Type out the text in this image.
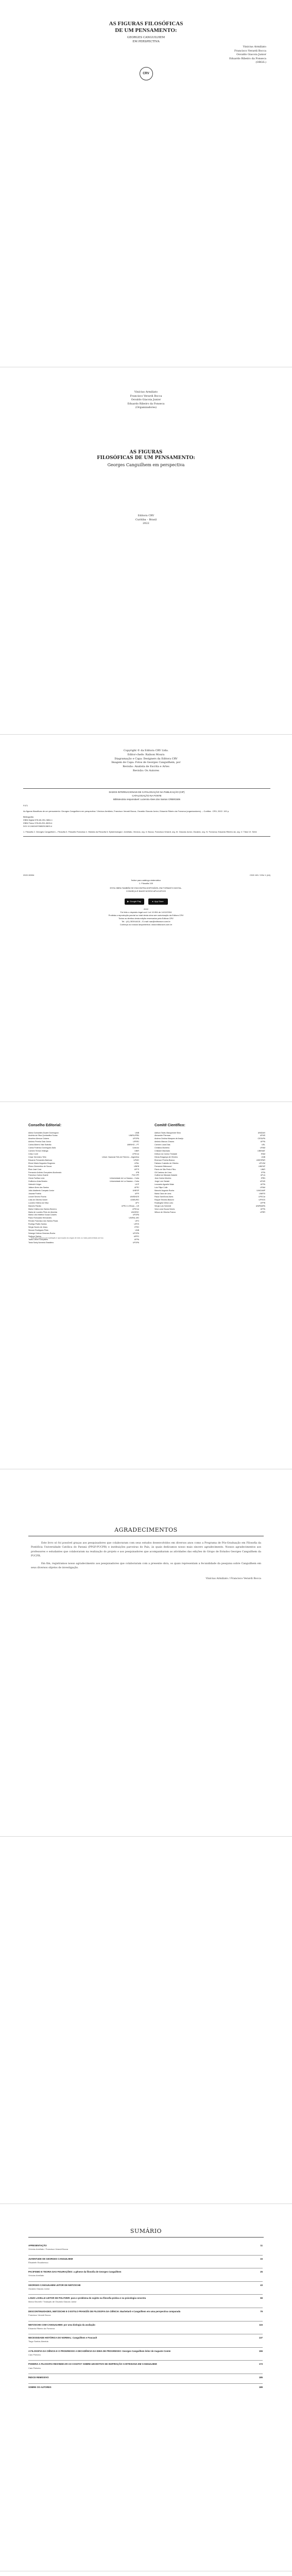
AS FIGURAS FILOSÓFICAS
DE UM PENSAMENTO:
GEORGES CANGUILHEM
EM PERSPECTIVA
Vinícius Armiliato
Francisco Verardi Bocca
Osvaldo Giacoia Junior
Eduardo Ribeiro da Fonseca
(ORGS.)
CRV
Vinícius Armiliato
Francisco Verardi Bocca
Osvaldo Giacoia Junior
Eduardo Ribeiro da Fonseca
(Organizadores)
AS FIGURAS
FILOSÓFICAS DE UM PENSAMENTO:
Georges Canguilhem em perspectiva
Editora CRV
Curitiba – Brasil
2022
Copyright © da Editora CRV Ltda.
Editor-chefe: Railson Moura
Diagramação e Capa: Designers da Editora CRV
Imagem de Capa: Fotos de Georges Canguilhem, por
Revisão: Analista de Escrita e Artes
Revisão: Os Autores
DADOS INTERNACIONAIS DE CATALOGAÇÃO NA PUBLICAÇÃO (CIP)
CATALOGAÇÃO NA FONTE
Bibliotecária responsável: Luzenira Alves dos Santos CRB9/1506

F471

As figuras filosóficas de um pensamento: Georges Canguilhem em perspectiva / Vinícius Armiliato, Francisco Verardi Bocca, Osvaldo Giacoia Junior, Eduardo Ribeiro da Fonseca (organizadores). – Curitiba : CRV, 2022. 192 p.

Bibliografia
ISBN Digital 978-65-251-3804-1
ISBN Físico 978-65-251-3803-4
DOI 10.24824/978652513803.4

1. Filosofia 2. Georges Canguilhem – Filosofia 3. Filosofia Francesa 4. História da Filosofia 5. Epistemologia I. Armiliato, Vinícius, org. II. Bocca, Francisco Verardi, org. III. Giacoia Junior, Osvaldo, org. IV. Fonseca, Eduardo Ribeiro da, org. V. Título VI. Série

2022-30934	CDD 100 / CDU 1 (44)
Índice para catálogo sistemático
1. Filosofia 100
ESTA OBRA TAMBÉM SE ENCONTRA DISPONÍVEL EM FORMATO DIGITAL.
CONHEÇA E BAIXE NOSSO APLICATIVO!
▶ Google Play	● App Store
2022
Foi feito o depósito legal conf. Lei 10.994 de 14/12/2004
Proibida a reprodução parcial ou total desta obra sem autorização da Editora CRV
Todos os direitos desta edição reservados pela Editora CRV
Tel.: (41) 3039-6418 – E-mail: sac@editoracrv.com.br
Conheça os nossos lançamentos: www.editoracrv.com.br
Conselho Editorial:
Aldira Guimarães Duarte Domínguez	UNB
Andréia da Silva Quintanilha Sousa	UNIR/UFRN
Anselmo Alencar Colares	UFOPA
Antônio Pereira Gaio Júnior	UFRRJ
Carlos Alberto Vilar Estêvão	UMINHO – PT
Carlos Federico Dominguez Avila	Unieuro
Carmen Tereza Velanga	UNIR
Celso Conti	UFSCar
Cesar Gerónimo Tello	Univer. Nacional Três de Febrero – Argentina
Eduardo Fernandes Barbosa	UFMG
Elione Maria Nogueira Diogenes	UFAL
Elizeu Clementino de Souza	UNEB
Élsio José Corá	UFFS
Fernando Antônio Gonçalves Alcoforado	IPB
Francisco Carlos Duarte	PUC-PR
Gloria Fariñas León	Universidade de La Havana – Cuba
Guillermo Arias Beatón	Universidade de La Havana – Cuba
Helmuth Krüger	UCP
Jailson Alves dos Santos	UFRJ
João Adalberto Campato Junior	UNESP
Josania Portela	UFPI
Leonel Severo Rocha	UNISINOS
Lídia de Oliveira Xavier	UNIEURO
Lourdes Helena da Silva	UFV
Marcelo Paixão	UFRJ e UTexas – US
Maria Cristina dos Santos Bezerra	UFSCar
Maria de Lourdes Pinto de Almeida	UNOESC
Maria Lília Imbiriba Sousa Colares	UFOPA
Paulo Romualdo Hernandes	UNIFAL-MG
Renato Francisco dos Santos Paula	UFG
Rodrigo Pratte-Santos	UFES
Sérgio Nunes de Jesus	IFRO
Simone Rodrigues Pinto	UNB
Solange Helena Ximenes-Rocha	UFOPA
Sydione Santos	UEPG
Tadeu Oliver Gonçalves	UFPA
Tania Suely Azevedo Brasileiro	UFOPA
Comitê Científico:
Adilson Tadeu Basquerote Silva	UNIDAVI
Alexandre Pierezan	UFMS
Andrea Cristina Marques de Araújo	CESUPA
Antônio Marcos Chaves	UFPA
Carmen Lúcia Dias	UEL
Christina Monteiro	UFAM
Cristiane Machado	UNEMAT
Deilson do Carmo Trindade	IFAM
Dimas Bragança de Oliveira	UNB
Émerson Pereira Branco	UNESPAR
Fabiano Custódio de Oliveira	UFVJM
Fernando Bittencourt	UNIFAP
Flávio de São Pedro Filho	UNIR
Gil Cardoso de Lima	IFPA
Guilherme Miranda Galante	UFLA
Jean Carlos Moreira	IFRN
Jorge Luiz Zaluski	UFMS
Leonardo Agostini Maia	UFPA
Luiz Filipe Colle	UFAM
Marcelo Augusto Rocha	UNICAMP
Maria Clara de Lima	UNIFEI
Paula Sant'Anna Alves	UFSCar
Raquel Teixeira Bianchi	UFRGS
Rosângela Vieira Lobo	UFPB
Sérgio Luis Schmidt	UNIPAMPA
Vera Lúcia Souza Neves	UFPA
Wilson de Oliveira Franco	UFRR
Este livro passou por avaliação e aprovação às cegas de dois ou mais pareceristas ad hoc.
AGRADECIMENTOS

Este livro só foi possível graças aos pesquisadores que colaboraram com seus estudos desenvolvidos em diversos anos como a Programa de Pós-Graduação em Filosofia da Pontifícia Universidade Católica do Paraná (PPGF-PUCPR) e instituições parceiras do País, às quais dedicamos nosso mais sincero agradecimento. Nossos agradecimentos aos professores e estudantes que colaboraram na realização do projeto e aos pesquisadores que acompanharam as atividades das edições do Grupo de Estudos Georges Canguilhem da PUCPR.

Em fim, registramos nosso agradecimento aos pesquisadores que colaboraram com a presente obra, os quais representam a fecundidade da pesquisa sobre Canguilhem em seus diversos objetos de investigação.

Vinícius Armiliato / Francisco Verardi Bocca

SUMÁRIO
APRESENTAÇÃO	11
Vinícius Armiliato / Francisco Verardi Bocca
JUVENTUDE DE GEORGES CANGUILHEM	15
Élisabeth Roudinesco
PACIFISMO E TEORIA DAS FIGURAÇÕES: a gênese da filosofia de Georges Canguilhem	25
Vinícius Armiliato
GEORGES CANGUILHEM LEITOR DE NIETZSCHE	43
Osvaldo Giacoia Junior
LOUIS LAVELLE LEITOR DE POLITZER: para o problema do sujeito na filosofia prática e na psicologia concreta	59
Marco Brunelli / Tradução de Osvaldo Giacoia Junior
DESCONTINUIDADES, NIETZSCHE E O ESTILO FRANCÊS DE FILOSOFIA DA CIÊNCIA: Bachelard e Canguilhem em uma perspectiva comparada	79
Francisco Verardi Bocca
NIETZSCHE COM CANGUILHEM: por uma biologia da avaliação	115
Eduardo Ribeiro da Fonseca
NECESSIDADE HISTÓRICA DO NORMAL: Canguilhem e Foucault	137
Tiago Santos Almeida
A FILOSOFIA DA CIÊNCIA E O PROGRESSO A DECADÊNCIA DA IDEIA DE PROGRESSO: Georges Canguilhem leitor de Auguste Comte	155
Caio Pinheiro
PODERIA A FILOSOFIA REIVINDICAR AO COGITO? SOBRE UM MOTIVO DE INSPIRAÇÃO CARTESIANA EM CANGUILHEM	173
Caio Pinheiro
ÍNDICE REMISSIVO	185
SOBRE OS AUTORES	189
